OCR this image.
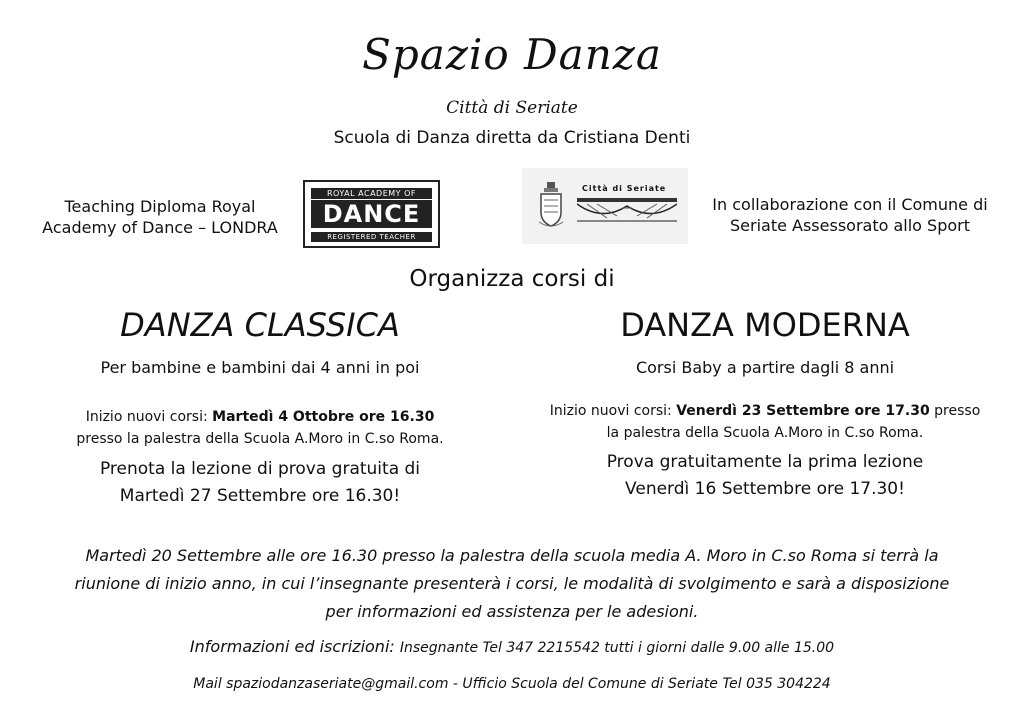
Spazio Danza
Città di Seriate
Scuola di Danza diretta da Cristiana Denti
Teaching Diploma Royal
Academy of Dance – LONDRA
ROYAL ACADEMY OF
DANCE
REGISTERED TEACHER
Città di Seriate
In collaborazione con il Comune di
Seriate Assessorato allo Sport
Organizza corsi di
DANZA CLASSICA
Per bambine e bambini dai 4 anni in poi
Inizio nuovi corsi: Martedì 4 Ottobre ore 16.30
presso la palestra della Scuola A.Moro in C.so Roma.
Prenota la lezione di prova gratuita di
Martedì 27 Settembre ore 16.30!
DANZA MODERNA
Corsi Baby a partire dagli 8 anni
Inizio nuovi corsi: Venerdì 23 Settembre ore 17.30 presso
la palestra della Scuola A.Moro in C.so Roma.
Prova gratuitamente la prima lezione
Venerdì 16 Settembre ore 17.30!
Martedì 20 Settembre alle ore 16.30 presso la palestra della scuola media A. Moro in C.so Roma si terrà la
riunione di inizio anno, in cui l’insegnante presenterà i corsi, le modalità di svolgimento e sarà a disposizione
per informazioni ed assistenza per le adesioni.
Informazioni ed iscrizioni: Insegnante Tel 347 2215542 tutti i giorni dalle 9.00 alle 15.00
Mail spaziodanzaseriate@gmail.com - Ufficio Scuola del Comune di Seriate Tel 035 304224
